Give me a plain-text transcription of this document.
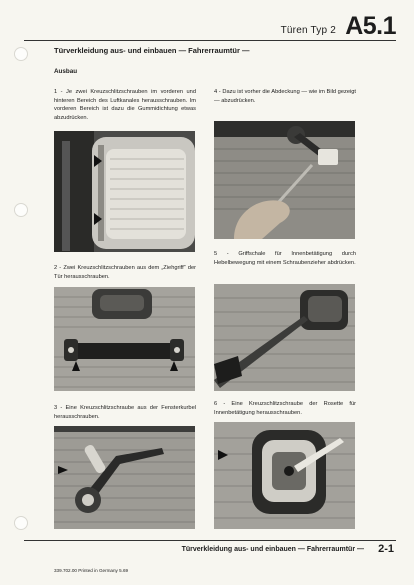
Türen Typ 2 A5.1
Türverkleidung aus- und einbauen — Fahrerraumtür —
Ausbau
1 - Je zwei Kreuzschlitzschrauben im vorderen und hinteren Bereich des Luftkanales herausschrauben. Im vorderen Bereich ist dazu die Gummidichtung etwas abzudrücken.
2 - Zwei Kreuzschlitzschrauben aus dem „Ziehgriff“ der Tür herausschrauben.
3 - Eine Kreuzschlitzschraube aus der Fensterkurbel herausschrauben.
4 - Dazu ist vorher die Abdeckung — wie im Bild gezeigt — abzudrücken.
5 - Griffschale für Innenbetätigung durch Hebelbewegung mit einem Schraubenzieher abdrücken.
6 - Eine Kreuzschlitzschraube der Rosette für Innenbetätigung herausschrauben.
Türverkleidung aus- und einbauen — Fahrerraumtür — 2-1
339.702.00 Printed in Germany 5.69
